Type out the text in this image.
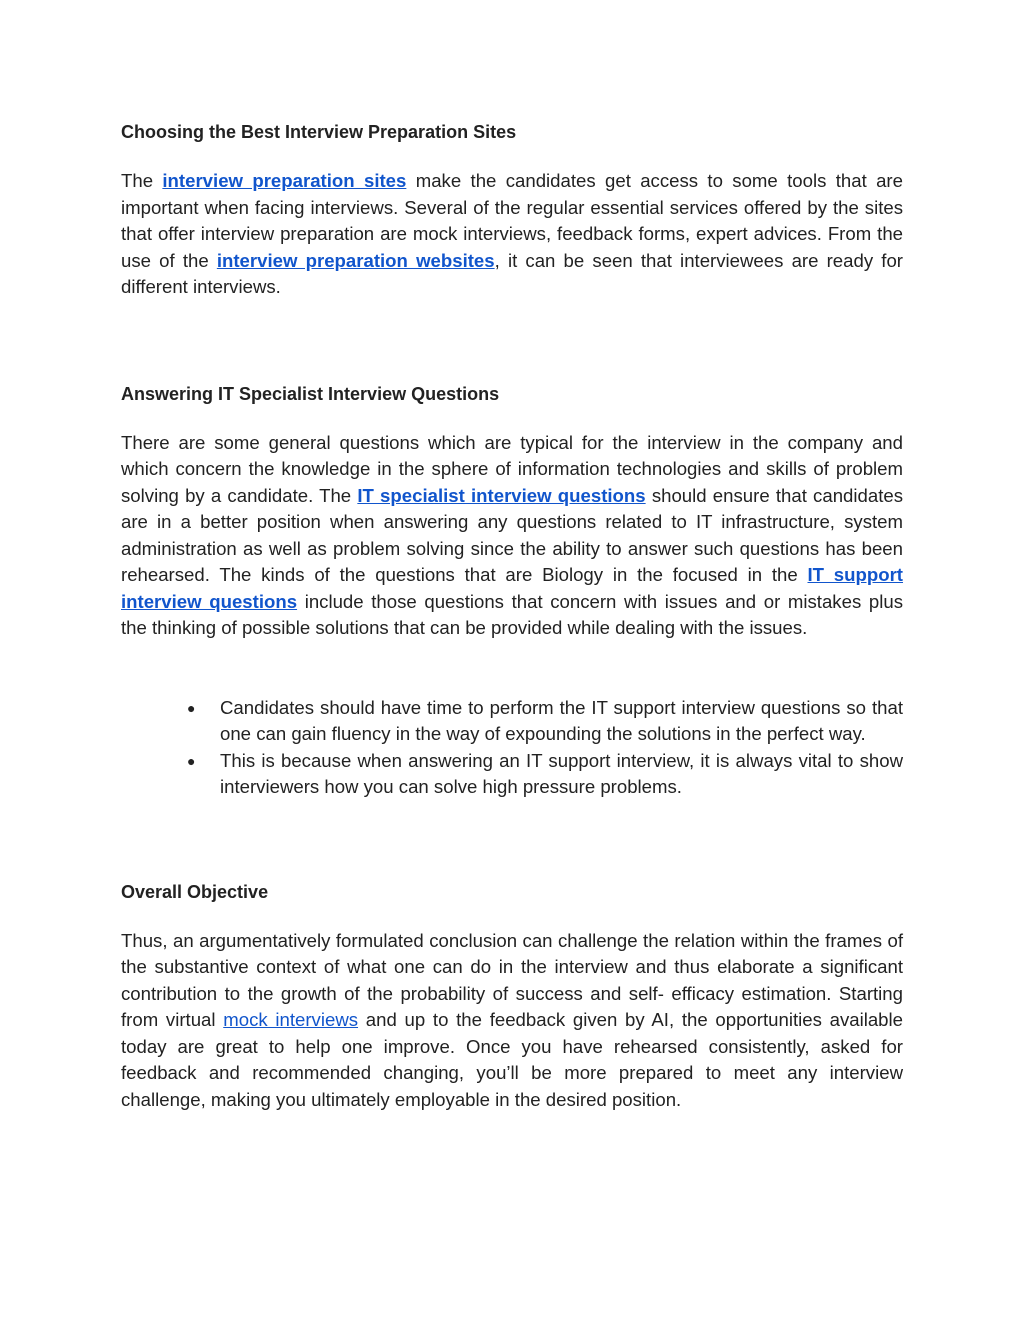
Choosing the Best Interview Preparation Sites

The interview preparation sites make the candidates get access to some tools that are important when facing interviews. Several of the regular essential services offered by the sites that offer interview preparation are mock interviews, feedback forms, expert advices. From the use of the interview preparation websites, it can be seen that interviewees are ready for different interviews.

Answering IT Specialist Interview Questions

There are some general questions which are typical for the interview in the company and which concern the knowledge in the sphere of information technologies and skills of problem solving by a candidate. The IT specialist interview questions should ensure that candidates are in a better position when answering any questions related to IT infrastructure, system administration as well as problem solving since the ability to answer such questions has been rehearsed. The kinds of the questions that are Biology in the focused in the IT support interview questions include those questions that concern with issues and or mistakes plus the thinking of possible solutions that can be provided while dealing with the issues.

● Candidates should have time to perform the IT support interview questions so that one can gain fluency in the way of expounding the solutions in the perfect way.
● This is because when answering an IT support interview, it is always vital to show interviewers how you can solve high pressure problems.
Overall Objective

Thus, an argumentatively formulated conclusion can challenge the relation within the frames of the substantive context of what one can do in the interview and thus elaborate a significant contribution to the growth of the probability of success and self- efficacy estimation. Starting from virtual mock interviews and up to the feedback given by AI, the opportunities available today are great to help one improve. Once you have rehearsed consistently, asked for feedback and recommended changing, you’ll be more prepared to meet any interview challenge, making you ultimately employable in the desired position.
